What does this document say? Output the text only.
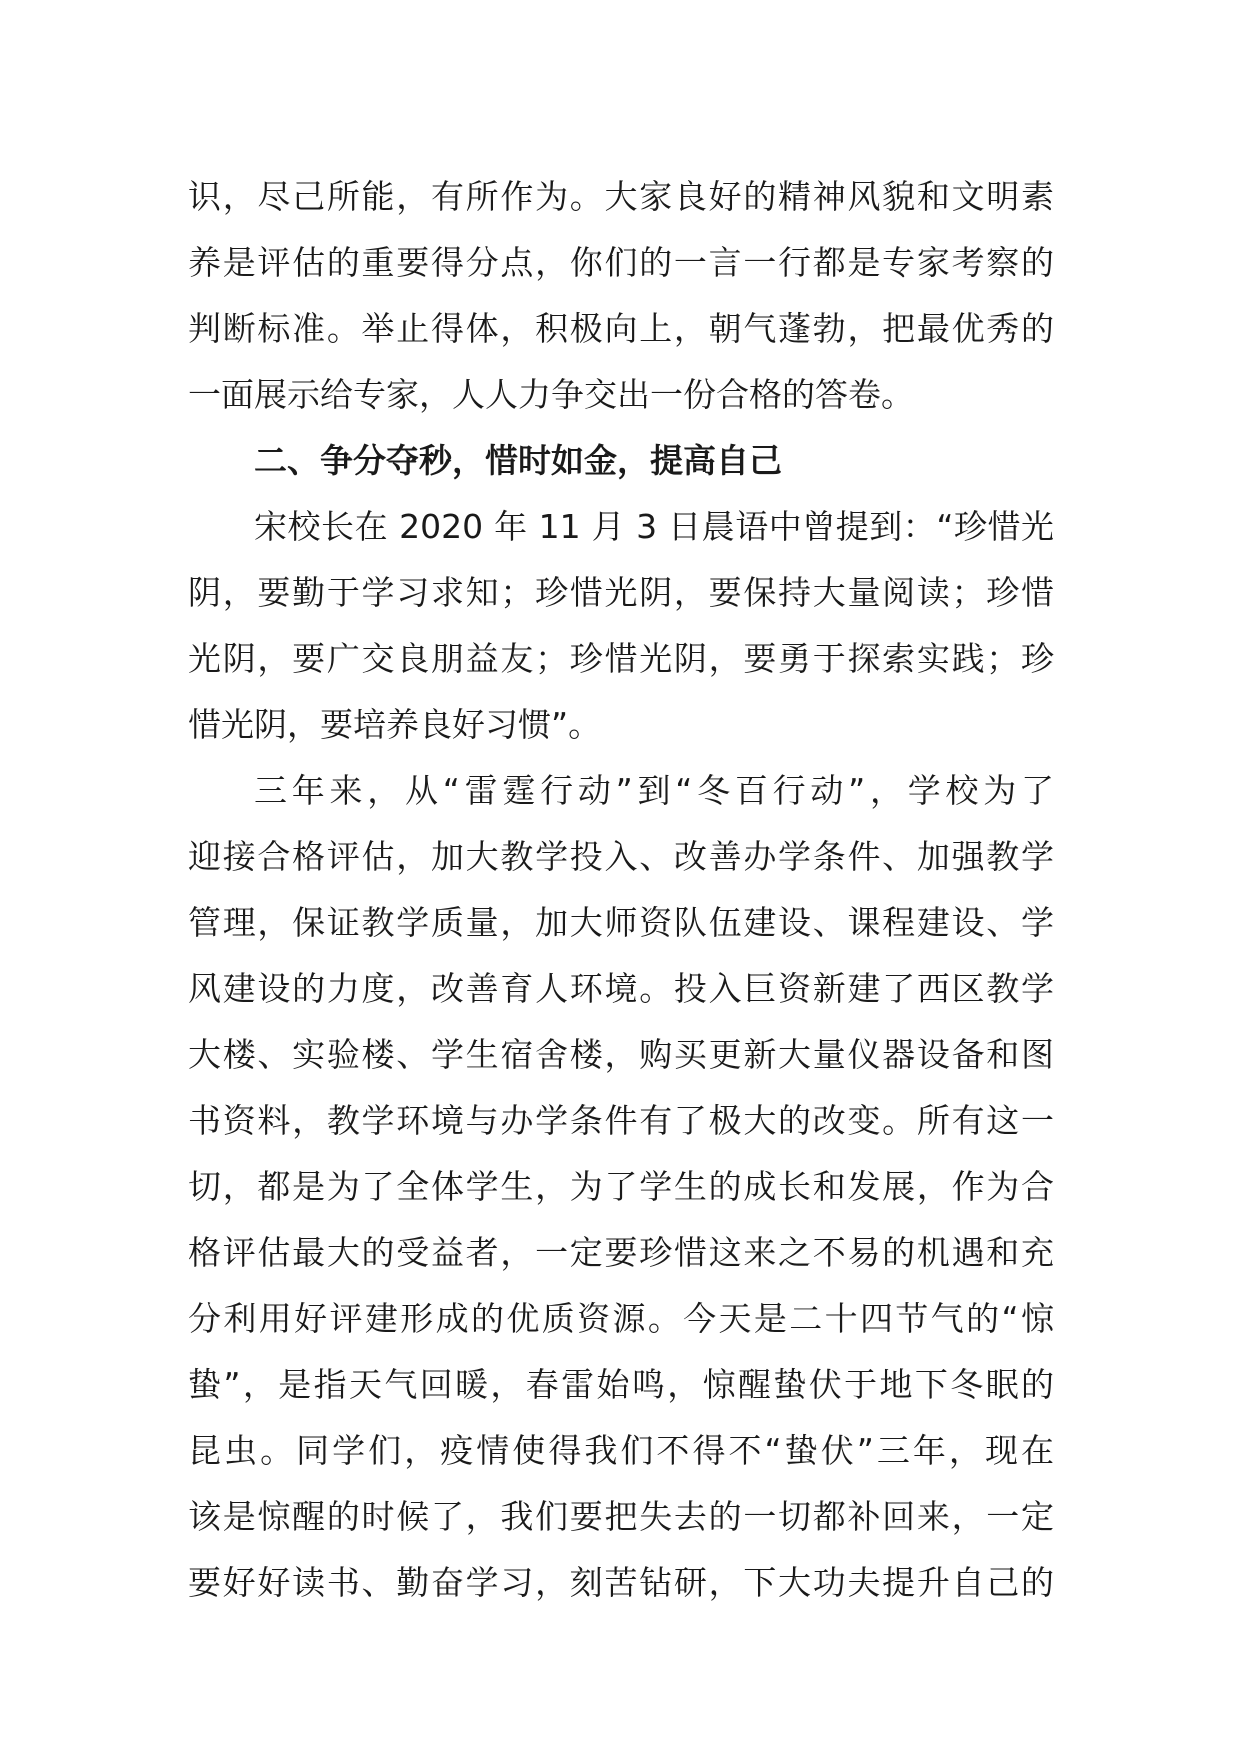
识，尽己所能，有所作为。大家良好的精神风貌和文明素
养是评估的重要得分点，你们的一言一行都是专家考察的
判断标准。举止得体，积极向上，朝气蓬勃，把最优秀的
一面展示给专家，人人力争交出一份合格的答卷。
二、争分夺秒，惜时如金，提高自己
宋校长在 2020 年 11 月 3 日晨语中曾提到：“珍惜光
阴，要勤于学习求知；珍惜光阴，要保持大量阅读；珍惜
光阴，要广交良朋益友；珍惜光阴，要勇于探索实践；珍
惜光阴，要培养良好习惯”。
三年来，从“雷霆行动”到“冬百行动”，学校为了
迎接合格评估，加大教学投入、改善办学条件、加强教学
管理，保证教学质量，加大师资队伍建设、课程建设、学
风建设的力度，改善育人环境。投入巨资新建了西区教学
大楼、实验楼、学生宿舍楼，购买更新大量仪器设备和图
书资料，教学环境与办学条件有了极大的改变。所有这一
切，都是为了全体学生，为了学生的成长和发展，作为合
格评估最大的受益者，一定要珍惜这来之不易的机遇和充
分利用好评建形成的优质资源。今天是二十四节气的“惊
蛰”，是指天气回暖，春雷始鸣，惊醒蛰伏于地下冬眠的
昆虫。同学们，疫情使得我们不得不“蛰伏”三年，现在
该是惊醒的时候了，我们要把失去的一切都补回来，一定
要好好读书、勤奋学习，刻苦钻研，下大功夫提升自己的
